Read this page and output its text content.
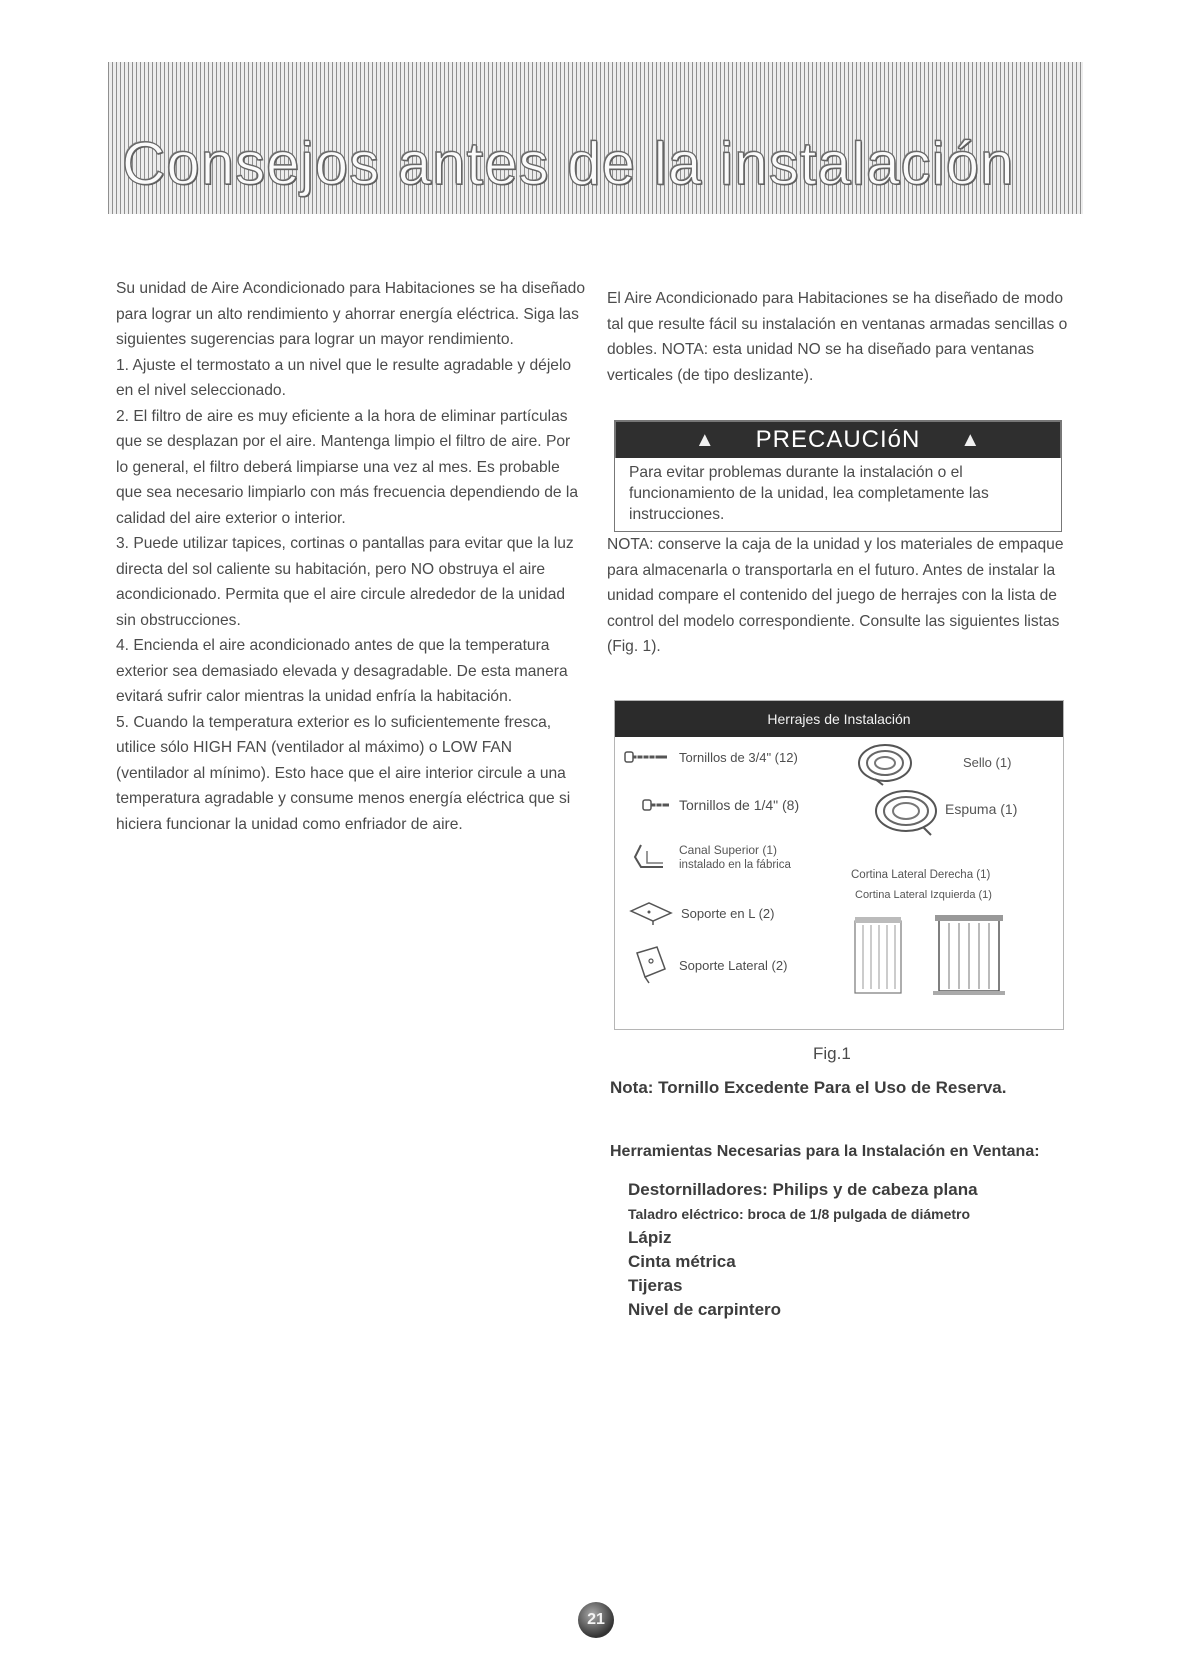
Consejos antes de la instalación

Su unidad de Aire Acondicionado para Habitaciones se ha diseñado para lograr un alto rendimiento y ahorrar energía eléctrica. Siga las siguientes sugerencias para lograr un mayor rendimiento.

1. Ajuste el termostato a un nivel que le resulte agradable y déjelo en el nivel seleccionado.

2. El filtro de aire es muy eficiente a la hora de eliminar partículas que se desplazan por el aire. Mantenga limpio el filtro de aire. Por lo general, el filtro deberá limpiarse una vez al mes. Es probable que sea necesario limpiarlo con más frecuencia dependiendo de la calidad del aire exterior o interior.

3. Puede utilizar tapices, cortinas o pantallas para evitar que la luz directa del sol caliente su habitación, pero NO obstruya el aire acondicionado. Permita que el aire circule alrededor de la unidad sin obstrucciones.

4. Encienda el aire acondicionado antes de que la temperatura exterior sea demasiado elevada y desagradable. De esta manera evitará sufrir calor mientras la unidad enfría la habitación.

5. Cuando la temperatura exterior es lo suficientemente fresca, utilice sólo HIGH FAN (ventilador al máximo) o LOW FAN (ventilador al mínimo). Esto hace que el aire interior circule a una temperatura agradable y consume menos energía eléctrica que si hiciera funcionar la unidad como enfriador de aire.

El Aire Acondicionado para Habitaciones se ha diseñado de modo tal que resulte fácil su instalación en ventanas armadas sencillas o dobles. NOTA: esta unidad NO se ha diseñado para ventanas verticales (de tipo deslizante).

▲ PRECAUCIóN ▲
Para evitar problemas durante la instalación o el funcionamiento de la unidad, lea completamente las instrucciones.

NOTA: conserve la caja de la unidad y los materiales de empaque para almacenarla o transportarla en el futuro. Antes de instalar la unidad compare el contenido del juego de herrajes con la lista de control del modelo correspondiente. Consulte las siguientes listas (Fig. 1).

Herrajes de Instalación
Tornillos de 3/4" (12)	Sello (1)
Tornillos de 1/4" (8)	Espuma (1)
Canal Superior (1)
instalado en la fábrica
Cortina Lateral Derecha (1)
Cortina Lateral Izquierda (1)
Soporte en L (2)
Soporte Lateral (2)
Fig.1
Nota: Tornillo Excedente Para el Uso de Reserva.
Herramientas Necesarias para la Instalación en Ventana:
Destornilladores: Philips y de cabeza plana
Taladro eléctrico: broca de 1/8 pulgada de diámetro
Lápiz
Cinta métrica
Tijeras
Nivel de carpintero
21
